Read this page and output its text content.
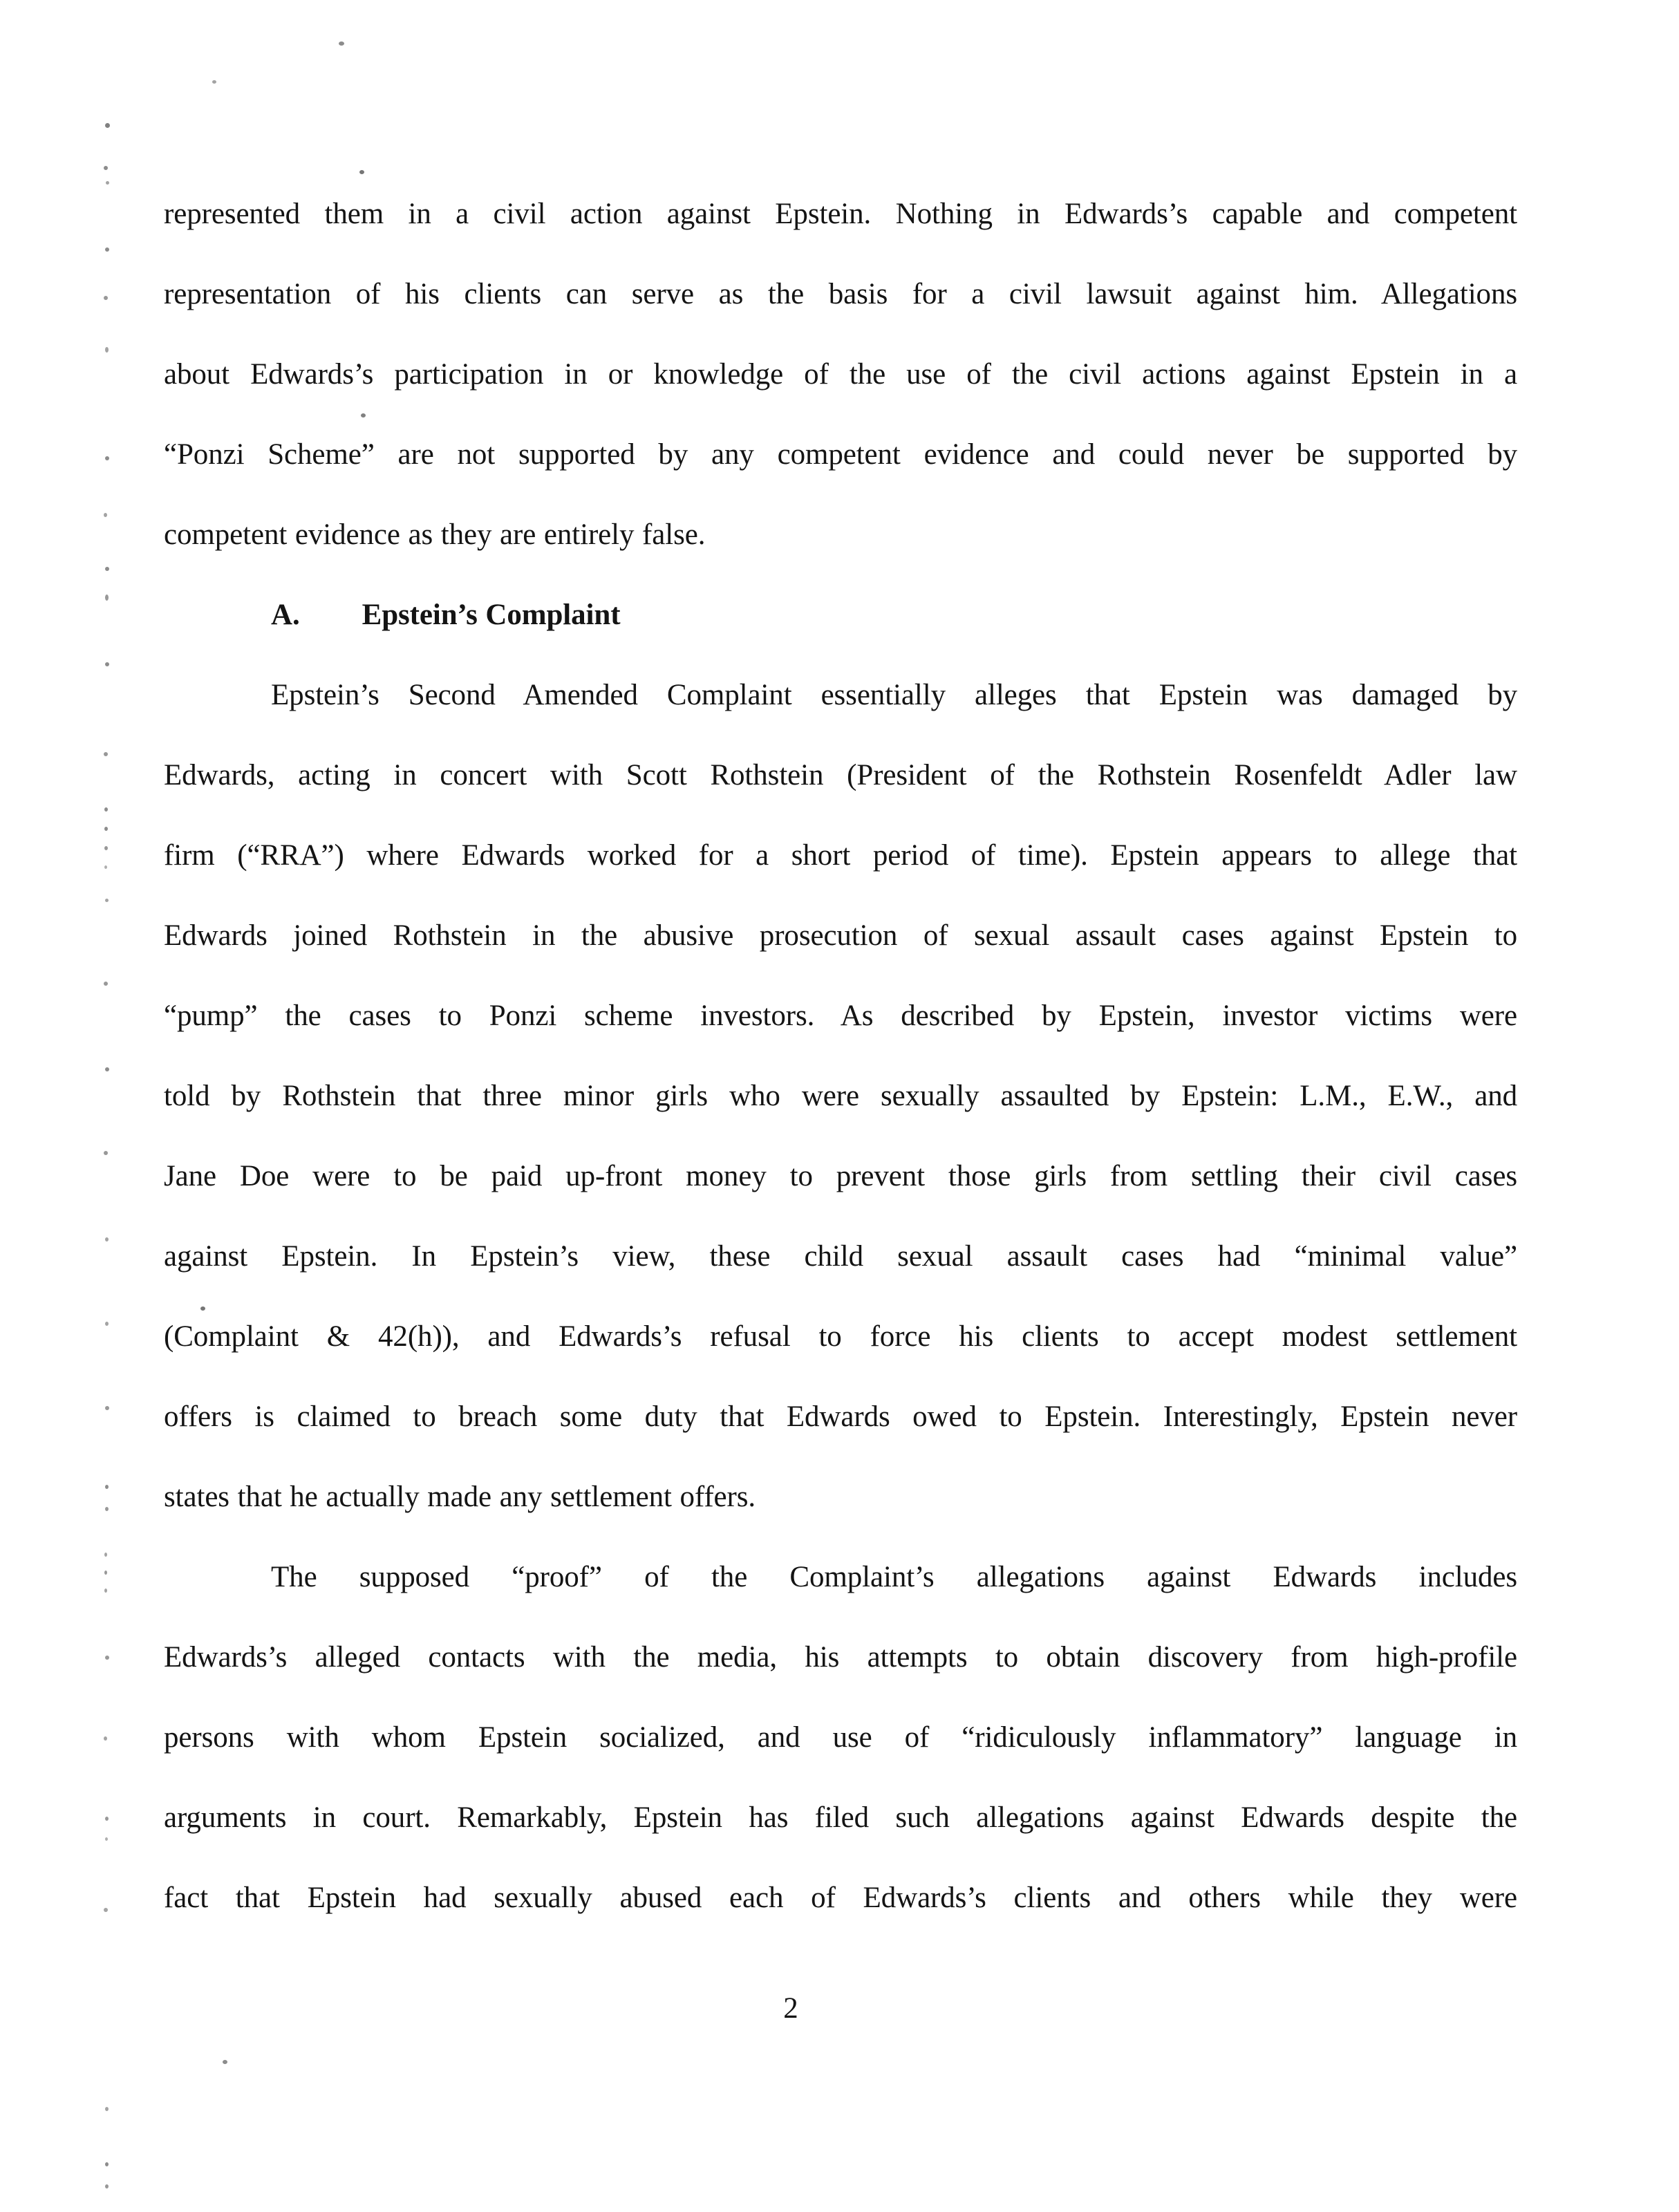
represented them in a civil action against Epstein. Nothing in Edwards’s capable and competent
representation of his clients can serve as the basis for a civil lawsuit against him. Allegations
about Edwards’s participation in or knowledge of the use of the civil actions against Epstein in a
“Ponzi Scheme” are not supported by any competent evidence and could never be supported by
competent evidence as they are entirely false.
A. Epstein’s Complaint
Epstein’s Second Amended Complaint essentially alleges that Epstein was damaged by
Edwards, acting in concert with Scott Rothstein (President of the Rothstein Rosenfeldt Adler law
firm (“RRA”) where Edwards worked for a short period of time). Epstein appears to allege that
Edwards joined Rothstein in the abusive prosecution of sexual assault cases against Epstein to
“pump” the cases to Ponzi scheme investors. As described by Epstein, investor victims were
told by Rothstein that three minor girls who were sexually assaulted by Epstein: L.M., E.W., and
Jane Doe were to be paid up-front money to prevent those girls from settling their civil cases
against Epstein. In Epstein’s view, these child sexual assault cases had “minimal value”
(Complaint & 42(h)), and Edwards’s refusal to force his clients to accept modest settlement
offers is claimed to breach some duty that Edwards owed to Epstein. Interestingly, Epstein never
states that he actually made any settlement offers.
The supposed “proof” of the Complaint’s allegations against Edwards includes
Edwards’s alleged contacts with the media, his attempts to obtain discovery from high-profile
persons with whom Epstein socialized, and use of “ridiculously inflammatory” language in
arguments in court. Remarkably, Epstein has filed such allegations against Edwards despite the
fact that Epstein had sexually abused each of Edwards’s clients and others while they were
2
